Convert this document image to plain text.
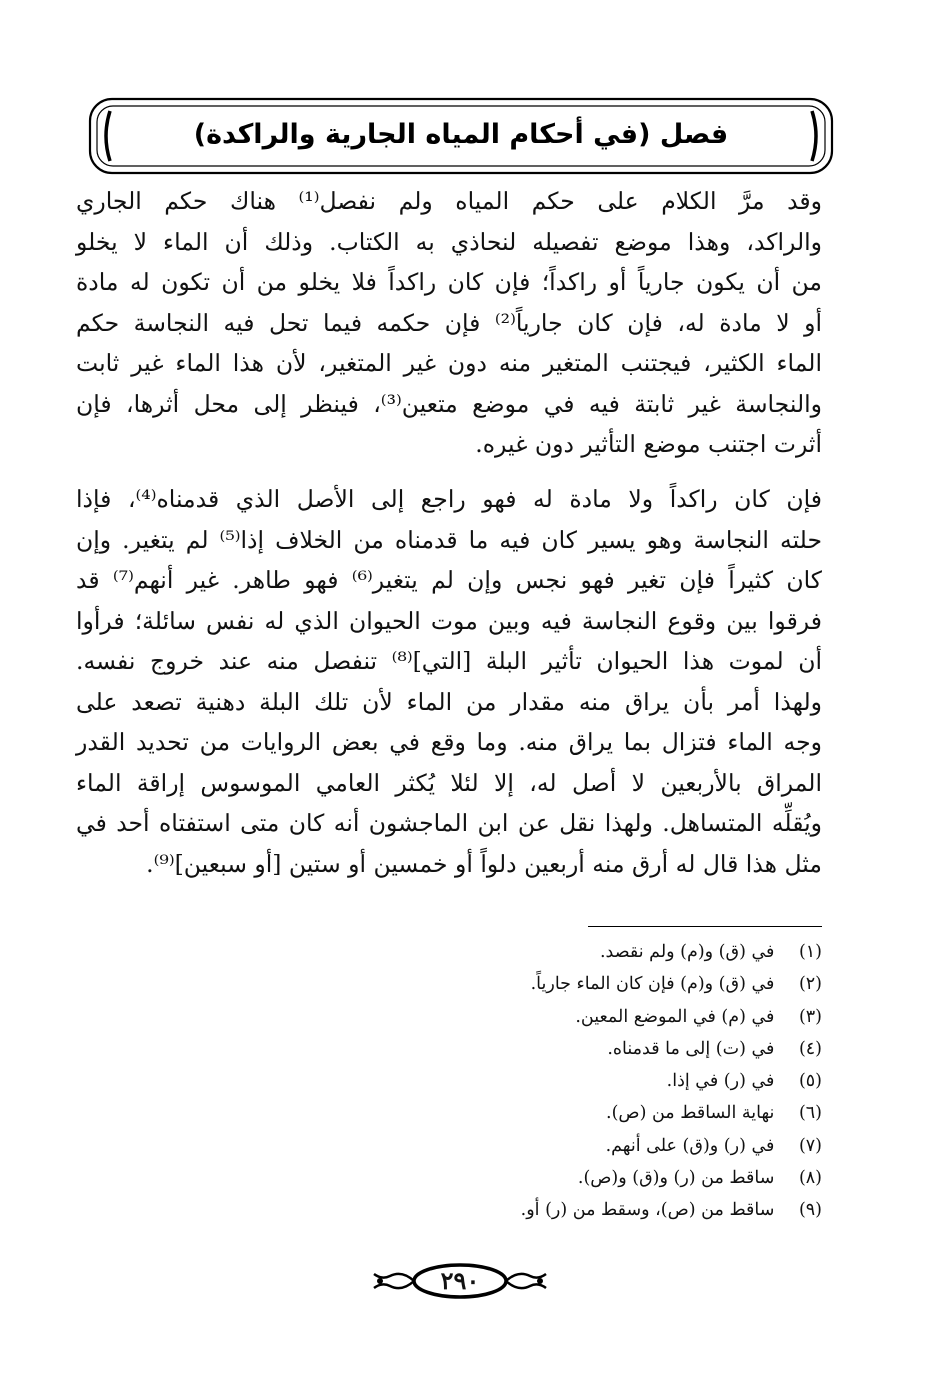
فصل (في أحكام المياه الجارية والراكدة)
وقد مرَّ الكلام على حكم المياه ولم نفصل⁽¹⁾ هناك حكم الجاري
والراكد، وهذا موضع تفصيله لنحاذي به الكتاب. وذلك أن الماء لا يخلو
من أن يكون جارياً أو راكداً؛ فإن كان راكداً فلا يخلو من أن تكون له مادة
أو لا مادة له، فإن كان جارياً⁽²⁾ فإن حكمه فيما تحل فيه النجاسة حكم
الماء الكثير، فيجتنب المتغير منه دون غير المتغير، لأن هذا الماء غير ثابت
والنجاسة غير ثابتة فيه في موضع متعين⁽³⁾، فينظر إلى محل أثرها، فإن
أثرت اجتنب موضع التأثير دون غيره.
فإن كان راكداً ولا مادة له فهو راجع إلى الأصل الذي قدمناه⁽⁴⁾، فإذا
حلته النجاسة وهو يسير كان فيه ما قدمناه من الخلاف إذا⁽⁵⁾ لم يتغير. وإن
كان كثيراً فإن تغير فهو نجس وإن لم يتغير⁽⁶⁾ فهو طاهر. غير أنهم⁽⁷⁾ قد
فرقوا بين وقوع النجاسة فيه وبين موت الحيوان الذي له نفس سائلة؛ فرأوا
أن لموت هذا الحيوان تأثير البلة [التي]⁽⁸⁾ تنفصل منه عند خروج نفسه.
ولهذا أمر بأن يراق منه مقدار من الماء لأن تلك البلة دهنية تصعد على
وجه الماء فتزال بما يراق منه. وما وقع في بعض الروايات من تحديد القدر
المراق بالأربعين لا أصل له، إلا لئلا يُكثر العامي الموسوس إراقة الماء
ويُقلِّه المتساهل. ولهذا نقل عن ابن الماجشون أنه كان متى استفتاه أحد في
مثل هذا قال له أرق منه أربعين دلواً أو خمسين أو ستين [أو سبعين]⁽⁹⁾.
(١) في (ق) و(م) ولم نقصد.
(٢) في (ق) و(م) فإن كان الماء جارياً.
(٣) في (م) في الموضع المعين.
(٤) في (ت) إلى ما قدمناه.
(٥) في (ر) في إذا.
(٦) نهاية الساقط من (ص).
(٧) في (ر) و(ق) على أنهم.
(٨) ساقط من (ر) و(ق) و(ص).
(٩) ساقط من (ص)، وسقط من (ر) أو.
٢٩٠
